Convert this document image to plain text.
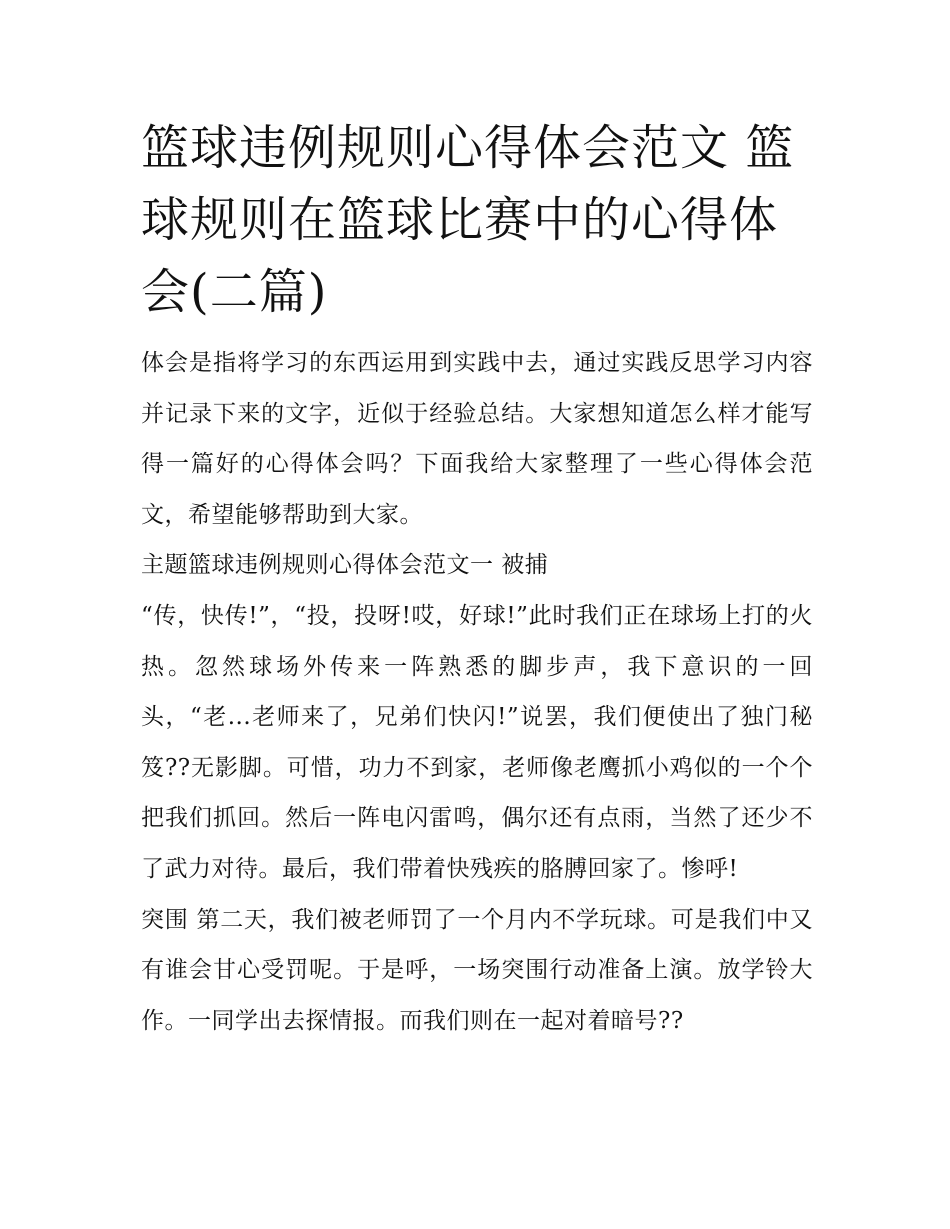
篮球违例规则心得体会范文 篮球规则在篮球比赛中的心得体会(二篇)

体会是指将学习的东西运用到实践中去，通过实践反思学习内容并记录下来的文字，近似于经验总结。大家想知道怎么样才能写得一篇好的心得体会吗？下面我给大家整理了一些心得体会范文，希望能够帮助到大家。

主题篮球违例规则心得体会范文一 被捕

“传，快传!”，“投，投呀!哎，好球!”此时我们正在球场上打的火热。忽然球场外传来一阵熟悉的脚步声，我下意识的一回头，“老...老师来了，兄弟们快闪!”说罢，我们便使出了独门秘笈??无影脚。可惜，功力不到家，老师像老鹰抓小鸡似的一个个把我们抓回。然后一阵电闪雷鸣，偶尔还有点雨，当然了还少不了武力对待。最后，我们带着快残疾的胳膊回家了。惨呼!

突围 第二天，我们被老师罚了一个月内不学玩球。可是我们中又有谁会甘心受罚呢。于是呼，一场突围行动准备上演。放学铃大作。一同学出去探情报。而我们则在一起对着暗号??
